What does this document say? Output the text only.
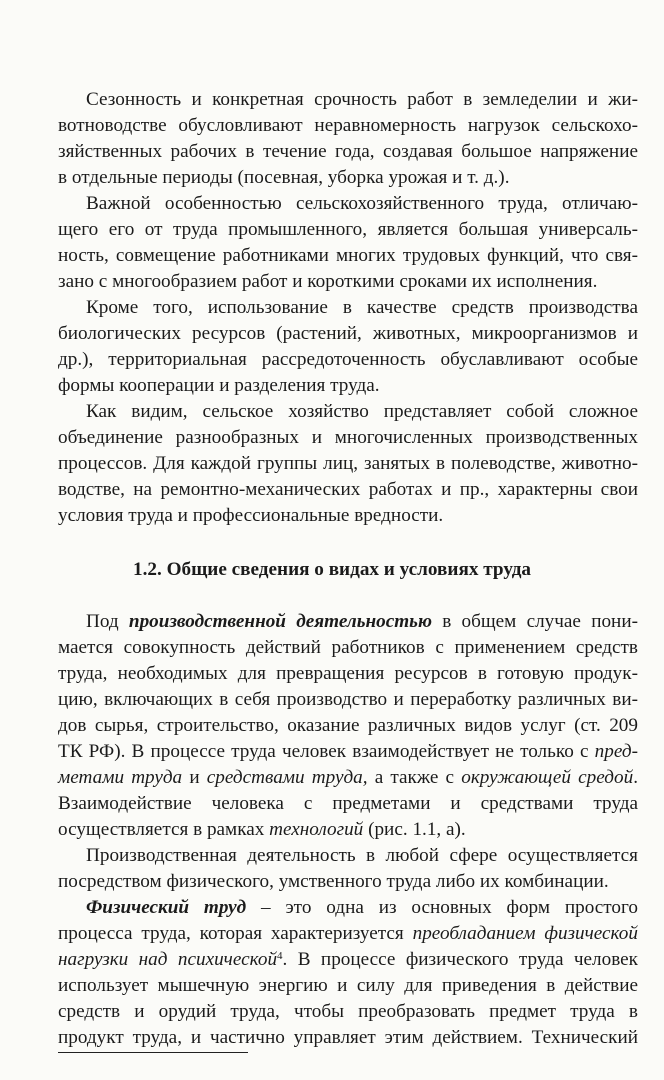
Сезонность и конкретная срочность работ в земледелии и жи-
вотноводстве обусловливают неравномерность нагрузок сельскохо-
зяйственных рабочих в течение года, создавая большое напряжение
в отдельные периоды (посевная, уборка урожая и т. д.).
Важной особенностью сельскохозяйственного труда, отличаю-
щего его от труда промышленного, является большая универсаль-
ность, совмещение работниками многих трудовых функций, что свя-
зано с многообразием работ и короткими сроками их исполнения.
Кроме того, использование в качестве средств производства
биологических ресурсов (растений, животных, микроорганизмов и
др.), территориальная рассредоточенность обуславливают особые
формы кооперации и разделения труда.
Как видим, сельское хозяйство представляет собой сложное
объединение разнообразных и многочисленных производственных
процессов. Для каждой группы лиц, занятых в полеводстве, животно-
водстве, на ремонтно-механических работах и пр., характерны свои
условия труда и профессиональные вредности.
1.2. Общие сведения о видах и условиях труда
Под производственной деятельностью в общем случае пони-
мается совокупность действий работников с применением средств
труда, необходимых для превращения ресурсов в готовую продук-
цию, включающих в себя производство и переработку различных ви-
дов сырья, строительство, оказание различных видов услуг (ст. 209
ТК РФ). В процессе труда человек взаимодействует не только с пред-
метами труда и средствами труда, а также с окружающей средой.
Взаимодействие человека с предметами и средствами труда
осуществляется в рамках технологий (рис. 1.1, а).
Производственная деятельность в любой сфере осуществляется
посредством физического, умственного труда либо их комбинации.
Физический труд – это одна из основных форм простого
процесса труда, которая характеризуется преобладанием физической
нагрузки над психической$^4$. В процессе физического труда человек
использует мышечную энергию и силу для приведения в действие
средств и орудий труда, чтобы преобразовать предмет труда в
продукт труда, и частично управляет этим действием. Технический
